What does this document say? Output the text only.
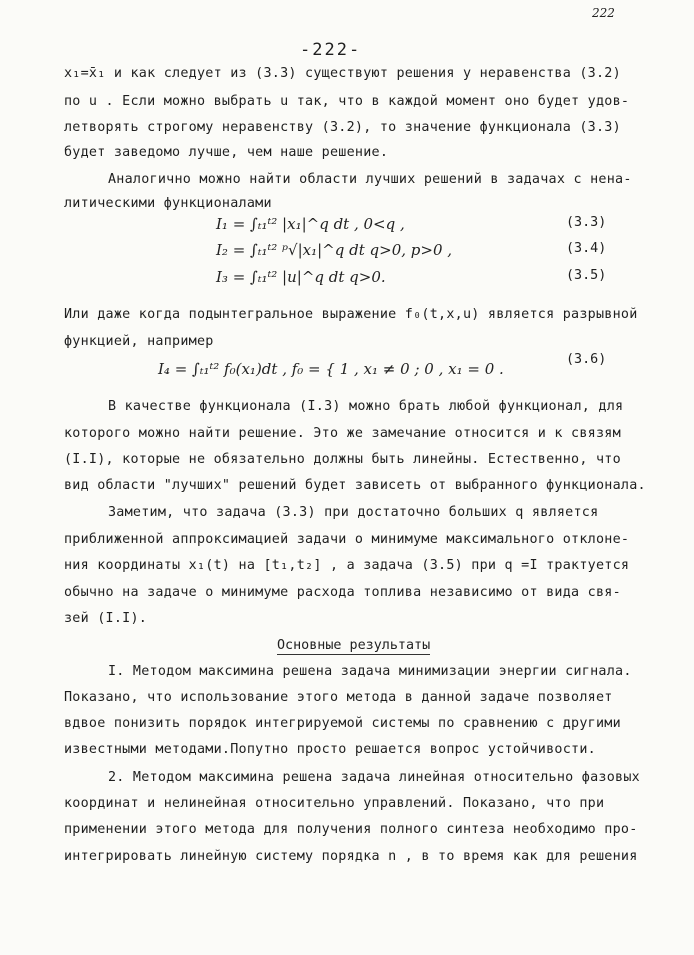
222
-222-
x₁=x̄₁ и как следует из (3.3) существуют решения у неравенства (3.2)
по u . Если можно выбрать u так, что в каждой момент оно будет удов-
летворять строгому неравенству (3.2), то значение функционала (3.3)
будет заведомо лучше, чем наше решение.
Аналогично можно найти области лучших решений в задачах с нена-
литическими функционалами
I₁ = ∫ₜ₁ᵗ² |x₁|^q dt , 0<q ,	(3.3)
I₂ = ∫ₜ₁ᵗ² ᵖ√|x₁|^q dt q>0, p>0 ,	(3.4)
I₃ = ∫ₜ₁ᵗ² |u|^q dt q>0.	(3.5)
Или даже когда подынтегральное выражение f₀(t,x,u) является разрывной
функцией, например
I₄ = ∫ₜ₁ᵗ² f₀(x₁)dt , f₀ = { 1 , x₁ ≠ 0 ; 0 , x₁ = 0 .
(3.6)
В качестве функционала (I.3) можно брать любой функционал, для
которого можно найти решение. Это же замечание относится и к связям
(I.I), которые не обязательно должны быть линейны. Естественно, что
вид области "лучших" решений будет зависеть от выбранного функционала.
Заметим, что задача (3.3) при достаточно больших q является
приближенной аппроксимацией задачи о минимуме максимального отклоне-
ния координаты x₁(t) на [t₁,t₂] , а задача (3.5) при q =I трактуется
обычно на задаче о минимуме расхода топлива независимо от вида свя-
зей (I.I).
Основные результаты
I. Методом максимина решена задача минимизации энергии сигнала.
Показано, что использование этого метода в данной задаче позволяет
вдвое понизить порядок интегрируемой системы по сравнению с другими
известными методами.Попутно просто решается вопрос устойчивости.
2. Методом максимина решена задача линейная относительно фазовых
координат и нелинейная относительно управлений. Показано, что при
применении этого метода для получения полного синтеза необходимо про-
интегрировать линейную систему порядка n , в то время как для решения
